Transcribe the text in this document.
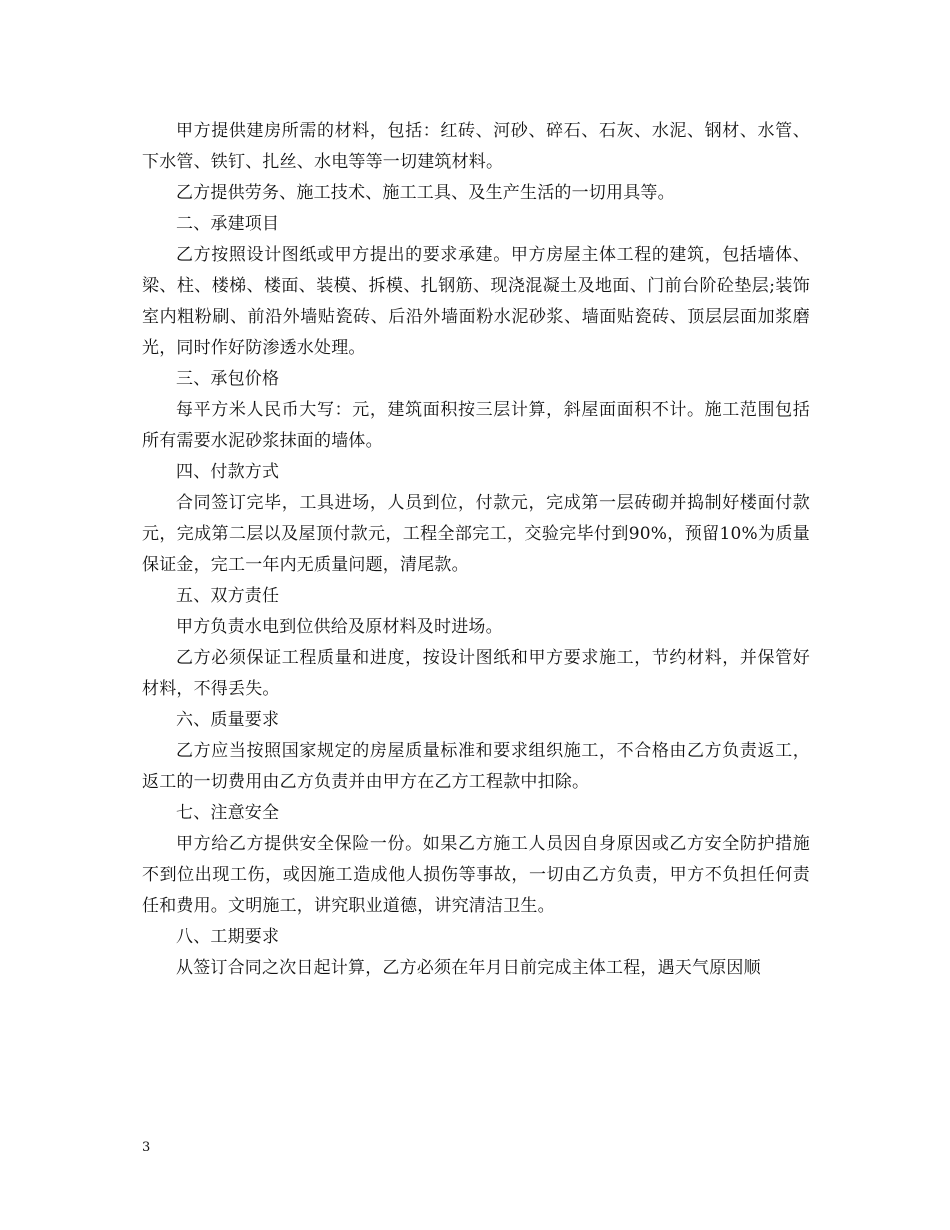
甲方提供建房所需的材料，包括：红砖、河砂、碎石、石灰、水泥、钢材、水管、下水管、铁钉、扎丝、水电等等一切建筑材料。

乙方提供劳务、施工技术、施工工具、及生产生活的一切用具等。

二、承建项目

乙方按照设计图纸或甲方提出的要求承建。甲方房屋主体工程的建筑，包括墙体、梁、柱、楼梯、楼面、装模、拆模、扎钢筋、现浇混凝土及地面、门前台阶砼垫层;装饰室内粗粉刷、前沿外墙贴瓷砖、后沿外墙面粉水泥砂浆、墙面贴瓷砖、顶层层面加浆磨光，同时作好防渗透水处理。

三、承包价格

每平方米人民币大写：元，建筑面积按三层计算，斜屋面面积不计。施工范围包括所有需要水泥砂浆抹面的墙体。

四、付款方式

合同签订完毕，工具进场，人员到位，付款元，完成第一层砖砌并捣制好楼面付款元，完成第二层以及屋顶付款元，工程全部完工，交验完毕付到90%，预留10%为质量保证金，完工一年内无质量问题，清尾款。

五、双方责任

甲方负责水电到位供给及原材料及时进场。

乙方必须保证工程质量和进度，按设计图纸和甲方要求施工，节约材料，并保管好材料，不得丢失。

六、质量要求

乙方应当按照国家规定的房屋质量标准和要求组织施工，不合格由乙方负责返工，返工的一切费用由乙方负责并由甲方在乙方工程款中扣除。

七、注意安全

甲方给乙方提供安全保险一份。如果乙方施工人员因自身原因或乙方安全防护措施不到位出现工伤，或因施工造成他人损伤等事故，一切由乙方负责，甲方不负担任何责任和费用。文明施工，讲究职业道德，讲究清洁卫生。

八、工期要求

从签订合同之次日起计算，乙方必须在年月日前完成主体工程，遇天气原因顺

3
